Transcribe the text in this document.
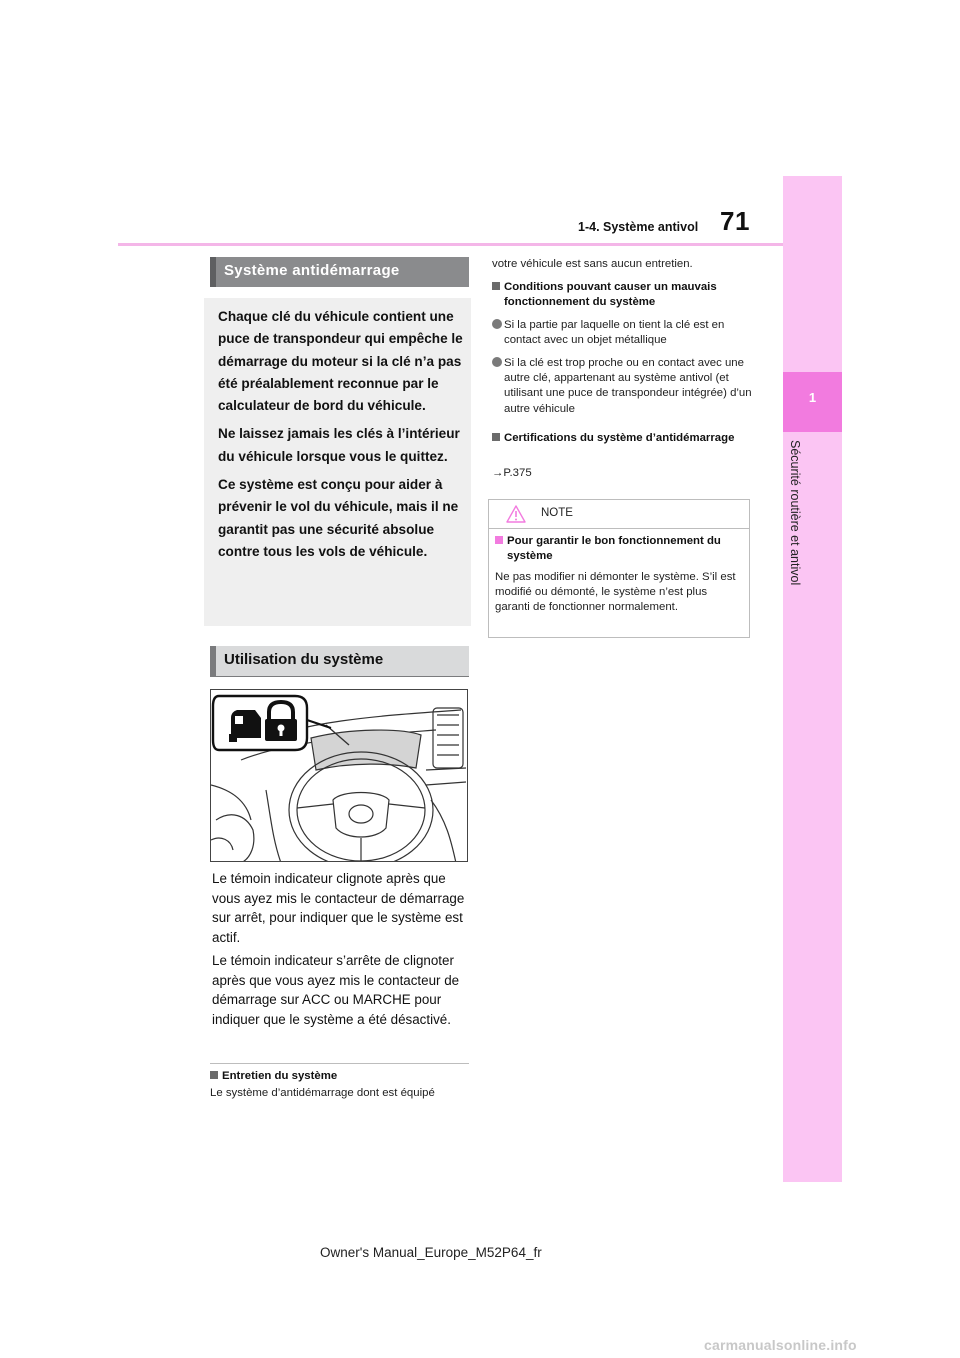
71
1-4. Système antivol
1
Sécurité routière et antivol
Système antidémarrage

Chaque clé du véhicule contient une puce de transpondeur qui empêche le démarrage du moteur si la clé n’a pas été préalablement reconnue par le calculateur de bord du véhicule.

Ne laissez jamais les clés à l’intérieur du véhicule lorsque vous le quittez.

Ce système est conçu pour aider à prévenir le vol du véhicule, mais il ne garantit pas une sécurité absolue contre tous les vols de véhicule.

Utilisation du système
Le témoin indicateur clignote après que vous ayez mis le contacteur de démarrage sur arrêt, pour indiquer que le système est actif.
Le témoin indicateur s’arrête de clignoter après que vous ayez mis le contacteur de démarrage sur ACC ou MARCHE pour indiquer que le système a été désactivé.
Entretien du système
Le système d’antidémarrage dont est équipé
votre véhicule est sans aucun entretien.
Conditions pouvant causer un mauvais fonctionnement du système
Si la partie par laquelle on tient la clé est en contact avec un objet métallique
Si la clé est trop proche ou en contact avec une autre clé, appartenant au système antivol (et utilisant une puce de transpondeur intégrée) d’un autre véhicule
Certifications du système d’antidémarrage
→P.375
NOTE
Pour garantir le bon fonctionnement du système
Ne pas modifier ni démonter le système. S’il est modifié ou démonté, le système n’est plus garanti de fonctionner normalement.
Owner's Manual_Europe_M52P64_fr
carmanualsonline.info
